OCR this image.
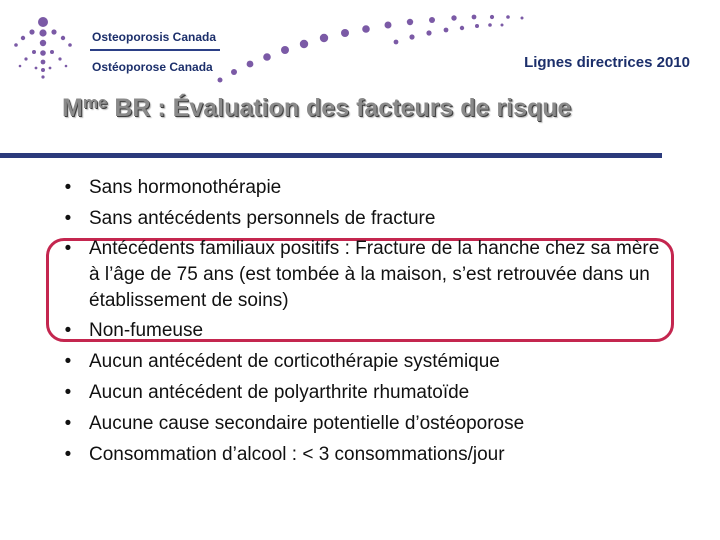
Osteoporosis Canada
Ostéoporose Canada	Lignes directrices 2010
$M^{me}$ BR : Évaluation des facteurs de risque
• Sans hormonothérapie
• Sans antécédents personnels de fracture
• Antécédents familiaux positifs : Fracture de la hanche chez sa mère à l’âge de 75 ans (est tombée à la maison, s’est retrouvée dans un établissement de soins)
• Non-fumeuse
• Aucun antécédent de corticothérapie systémique
• Aucun antécédent de polyarthrite rhumatoïde
• Aucune cause secondaire potentielle d’ostéoporose
• Consommation d’alcool : < 3 consommations/jour
